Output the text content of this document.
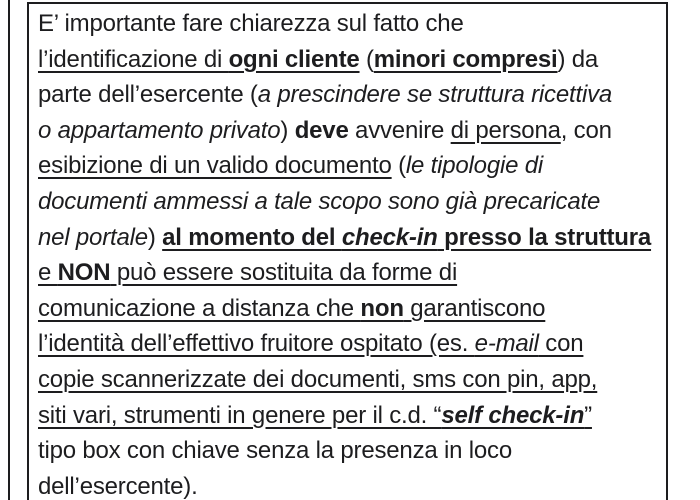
E’ importante fare chiarezza sul fatto che
l’identificazione di ogni cliente (minori compresi) da
parte dell’esercente (a prescindere se struttura ricettiva
o appartamento privato) deve avvenire di persona, con
esibizione di un valido documento (le tipologie di
documenti ammessi a tale scopo sono già precaricate
nel portale) al momento del check-in presso la struttura
e NON può essere sostituita da forme di
comunicazione a distanza che non garantiscono
l’identità dell’effettivo fruitore ospitato (es. e-mail con
copie scannerizzate dei documenti, sms con pin, app,
siti vari, strumenti in genere per il c.d. “self check-in”
tipo box con chiave senza la presenza in loco
dell’esercente).
